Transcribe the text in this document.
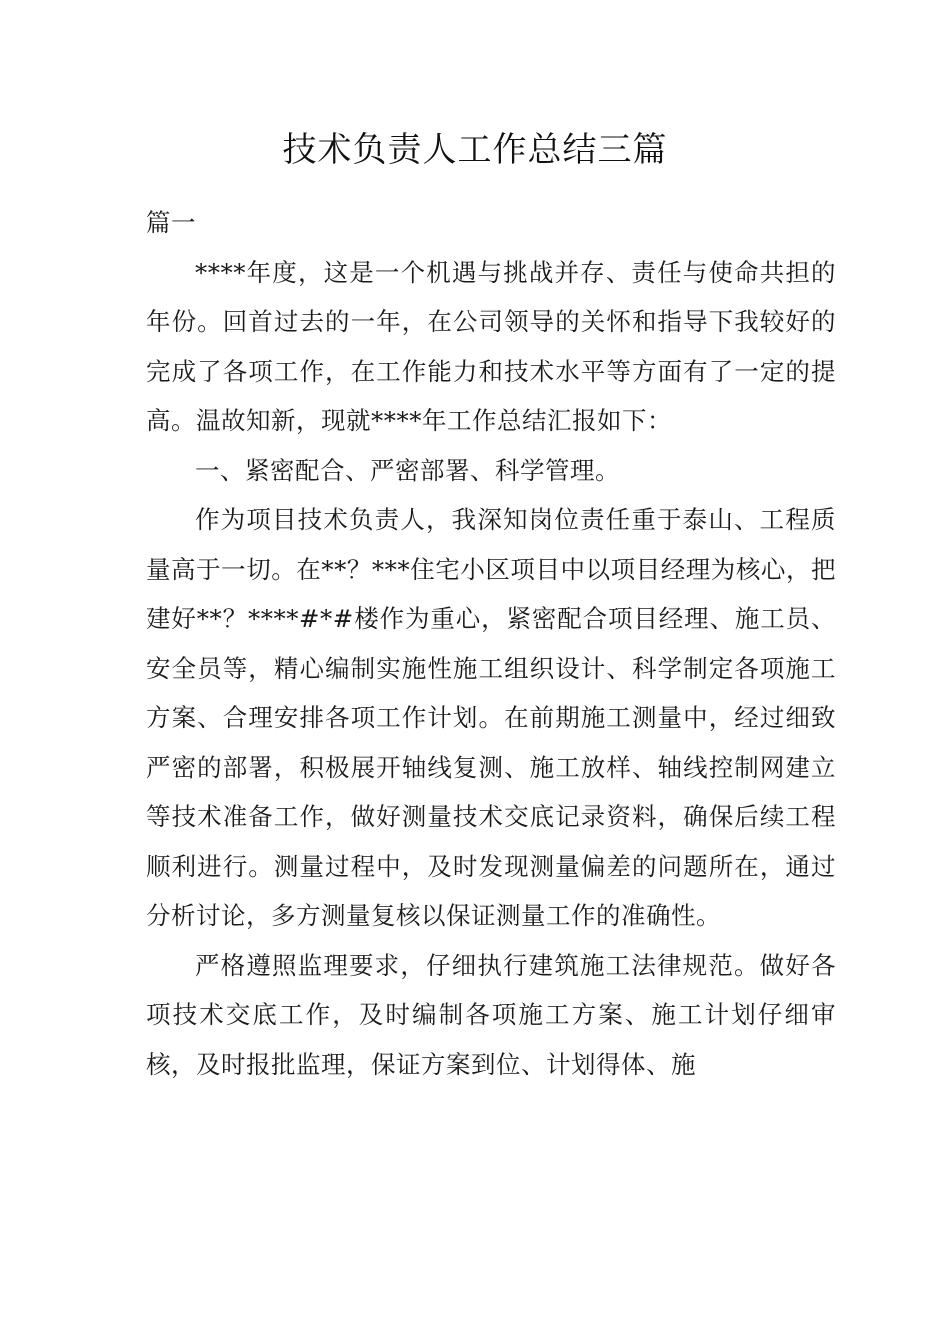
技术负责人工作总结三篇

篇一

****年度，这是一个机遇与挑战并存、责任与使命共担的年份。回首过去的一年，在公司领导的关怀和指导下我较好的完成了各项工作，在工作能力和技术水平等方面有了一定的提高。温故知新，现就****年工作总结汇报如下：

一、紧密配合、严密部署、科学管理。

作为项目技术负责人，我深知岗位责任重于泰山、工程质量高于一切。在**？***住宅小区项目中以项目经理为核心，把建好**？****#*#楼作为重心，紧密配合项目经理、施工员、安全员等，精心编制实施性施工组织设计、科学制定各项施工方案、合理安排各项工作计划。在前期施工测量中，经过细致严密的部署，积极展开轴线复测、施工放样、轴线控制网建立等技术准备工作，做好测量技术交底记录资料，确保后续工程顺利进行。测量过程中，及时发现测量偏差的问题所在，通过分析讨论，多方测量复核以保证测量工作的准确性。

严格遵照监理要求，仔细执行建筑施工法律规范。做好各项技术交底工作，及时编制各项施工方案、施工计划仔细审核，及时报批监理，保证方案到位、计划得体、施
